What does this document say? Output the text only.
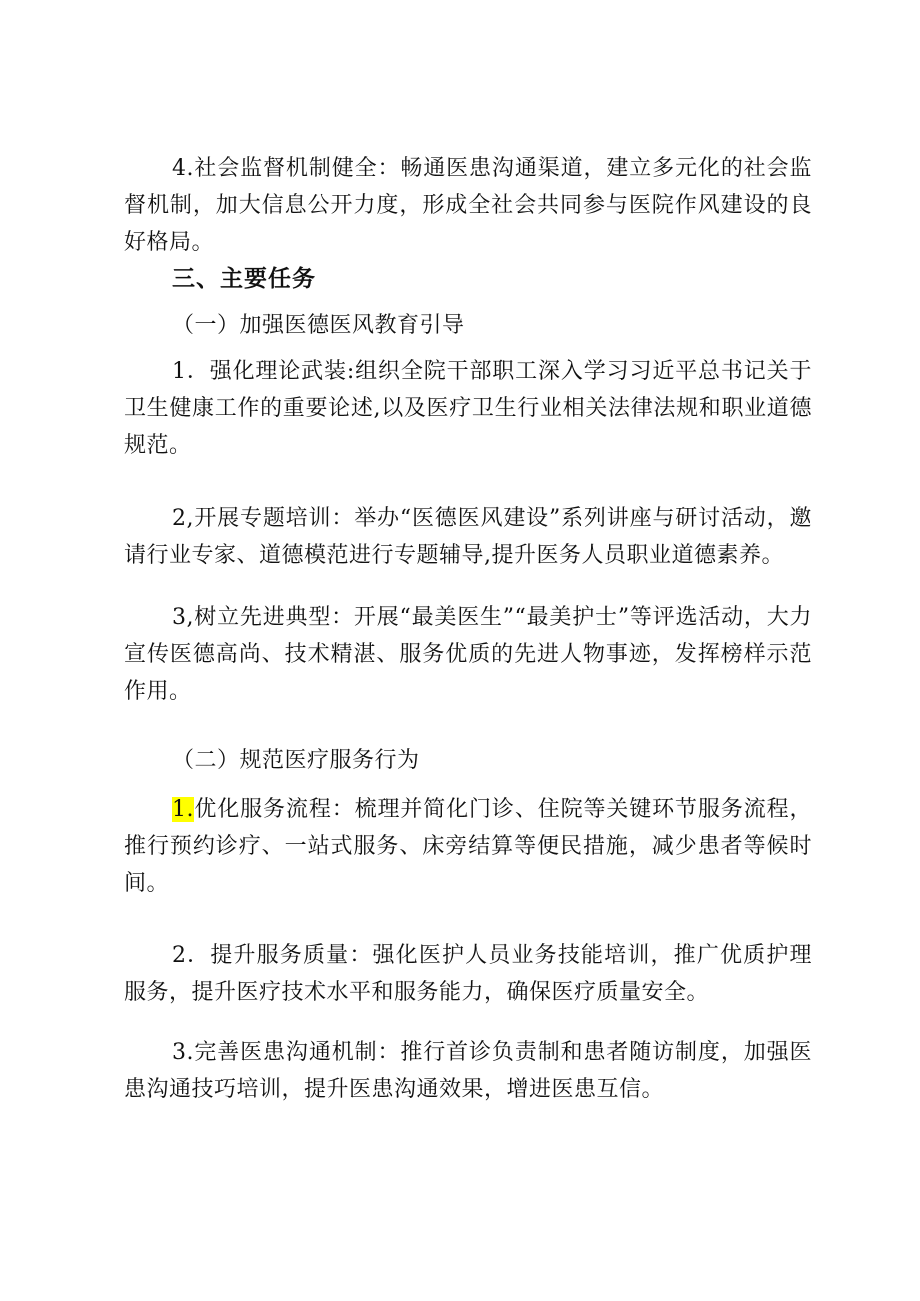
4.社会监督机制健全：畅通医患沟通渠道，建立多元化的社会监督机制，加大信息公开力度，形成全社会共同参与医院作风建设的良好格局。

三、主要任务

（一）加强医德医风教育引导

1．强化理论武装:组织全院干部职工深入学习习近平总书记关于卫生健康工作的重要论述,以及医疗卫生行业相关法律法规和职业道德规范。

2,开展专题培训：举办“医德医风建设”系列讲座与研讨活动，邀请行业专家、道德模范进行专题辅导,提升医务人员职业道德素养。

3,树立先进典型：开展“最美医生”“最美护士”等评选活动，大力宣传医德高尚、技术精湛、服务优质的先进人物事迹，发挥榜样示范作用。

（二）规范医疗服务行为

1.优化服务流程：梳理并简化门诊、住院等关键环节服务流程，推行预约诊疗、一站式服务、床旁结算等便民措施，减少患者等候时间。

2．提升服务质量：强化医护人员业务技能培训，推广优质护理服务，提升医疗技术水平和服务能力，确保医疗质量安全。

3.完善医患沟通机制：推行首诊负责制和患者随访制度，加强医患沟通技巧培训，提升医患沟通效果，增进医患互信。
